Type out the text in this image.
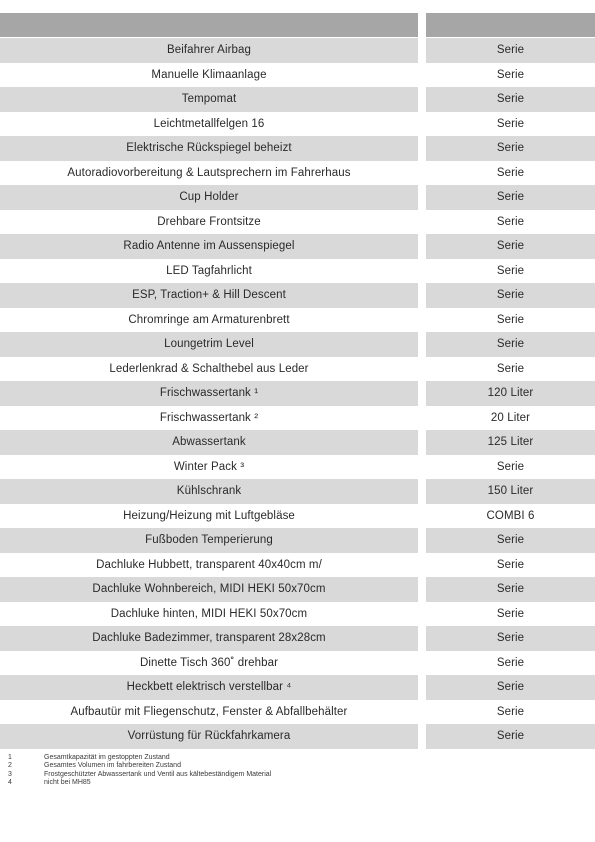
Beifahrer Airbag	Serie
Manuelle Klimaanlage	Serie
Tempomat	Serie
Leichtmetallfelgen 16	Serie
Elektrische Rückspiegel beheizt	Serie
Autoradiovorbereitung & Lautsprechern im Fahrerhaus	Serie
Cup Holder	Serie
Drehbare Frontsitze	Serie
Radio Antenne im Aussenspiegel	Serie
LED Tagfahrlicht	Serie
ESP, Traction+ & Hill Descent	Serie
Chromringe am Armaturenbrett	Serie
Loungetrim Level	Serie
Lederlenkrad & Schalthebel aus Leder	Serie
Frischwassertank ¹	120 Liter
Frischwassertank ²	20 Liter
Abwassertank	125 Liter
Winter Pack ³	Serie
Kühlschrank	150 Liter
Heizung/Heizung mit Luftgebläse	COMBI 6
Fußboden Temperierung	Serie
Dachluke Hubbett, transparent 40x40cm m/	Serie
Dachluke Wohnbereich, MIDI HEKI 50x70cm	Serie
Dachluke hinten, MIDI HEKI 50x70cm	Serie
Dachluke Badezimmer, transparent 28x28cm	Serie
Dinette Tisch 360˚ drehbar	Serie
Heckbett elektrisch verstellbar ⁴	Serie
Aufbautür mit Fliegenschutz, Fenster & Abfallbehälter	Serie
Vorrüstung für Rückfahrkamera	Serie
1	Gesamtkapazität im gestoppten Zustand
2	Gesamtes Volumen im fahrbereiten Zustand
3	Frostgeschützter Abwassertank und Ventil aus kältebeständigem Material
4	nicht bei MH85
